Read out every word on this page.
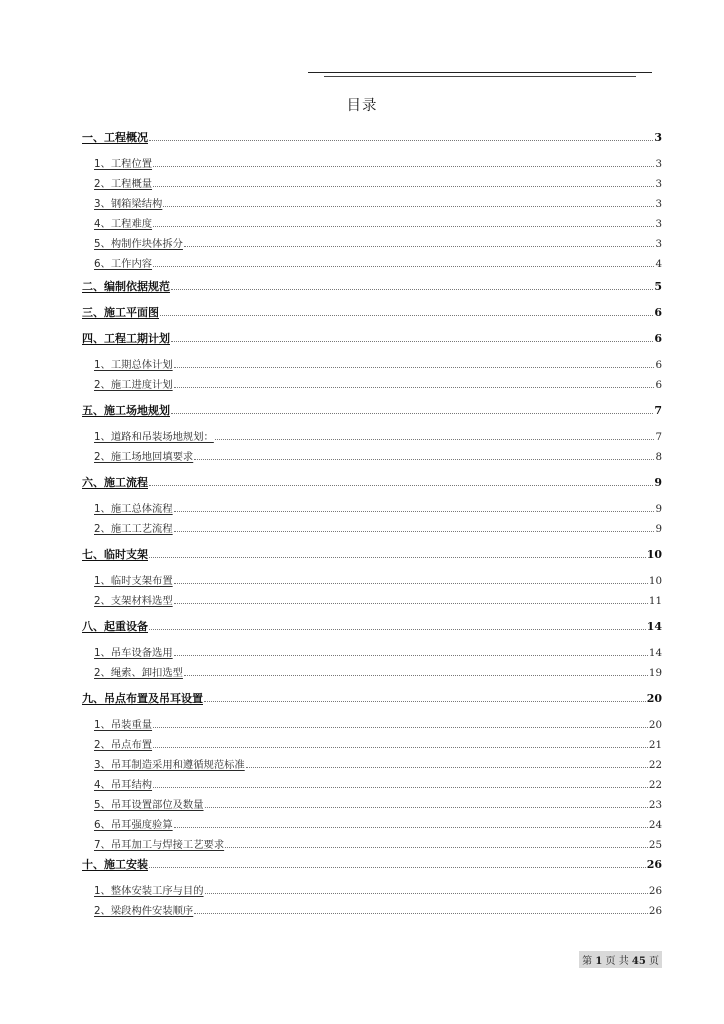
目录
一、工程概况	3
1、工程位置	3
2、工程概量	3
3、钢箱梁结构	3
4、工程难度	3
5、构制作块体拆分	3
6、工作内容	4
二、编制依据规范	5
三、施工平面图	6
四、工程工期计划	6
1、工期总体计划	6
2、施工进度计划	6
五、施工场地规划	7
1、道路和吊装场地规划：	7
2、施工场地回填要求	8
六、施工流程	9
1、施工总体流程	9
2、施工工艺流程	9
七、临时支架	10
1、临时支架布置	10
2、支架材料选型	11
八、起重设备	14
1、吊车设备选用	14
2、绳索、卸扣选型	19
九、吊点布置及吊耳设置	20
1、吊装重量	20
2、吊点布置	21
3、吊耳制造采用和遵循规范标准	22
4、吊耳结构	22
5、吊耳设置部位及数量	23
6、吊耳强度验算	24
7、吊耳加工与焊接工艺要求	25
十、施工安装	26
1、整体安装工序与目的	26
2、梁段构件安装顺序	26
第 1 页 共 45 页
